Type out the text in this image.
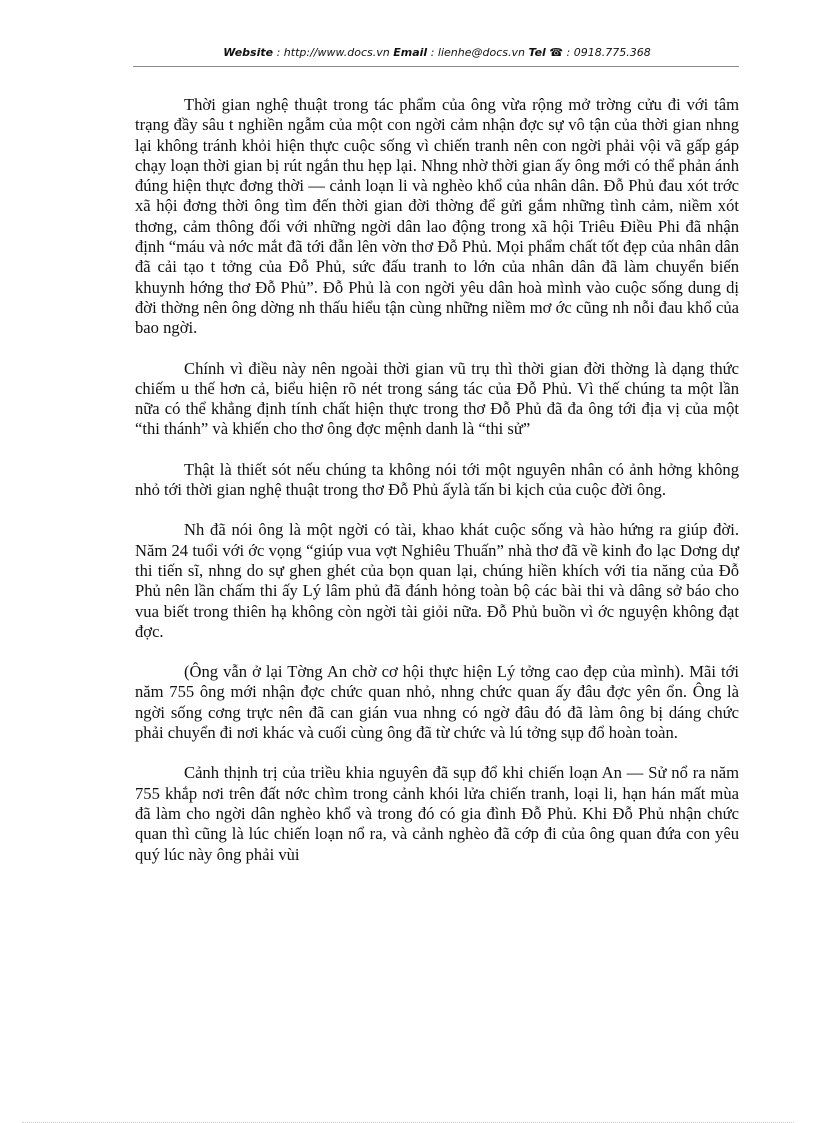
Website : http://www.docs.vn Email : lienhe@docs.vn Tel ☎ : 0918.775.368

Thời gian nghệ thuật trong tác phẩm của ông vừa rộng mở trờng cửu đi với tâm trạng đầy sâu t nghiền ngẫm của một con ngời cảm nhận đợc sự vô tận của thời gian nhng lại không tránh khỏi hiện thực cuộc sống vì chiến tranh nên con ngời phải vội vã gấp gáp chạy loạn thời gian bị rút ngắn thu hẹp lại. Nhng nhờ thời gian ấy ông mới có thể phản ánh đúng hiện thực đơng thời — cảnh loạn li và nghèo khổ của nhân dân. Đỗ Phủ đau xót trớc xã hội đơng thời ông tìm đến thời gian đời thờng để gửi gắm những tình cảm, niềm xót thơng, cảm thông đối với những ngời dân lao động trong xã hội Triêu Điều Phi đã nhận định “máu và nớc mắt đã tới đẫn lên vờn thơ Đỗ Phủ. Mọi phẩm chất tốt đẹp của nhân dân đã cải tạo t tởng của Đỗ Phủ, sức đấu tranh to lớn của nhân dân đã làm chuyển biến khuynh hớng thơ Đỗ Phủ”. Đỗ Phủ là con ngời yêu dân hoà mình vào cuộc sống dung dị đời thờng nên ông dờng nh thấu hiểu tận cùng những niềm mơ ớc cũng nh nỗi đau khổ của bao ngời.

Chính vì điều này nên ngoài thời gian vũ trụ thì thời gian đời thờng là dạng thức chiếm u thế hơn cả, biểu hiện rõ nét trong sáng tác của Đỗ Phủ. Vì thế chúng ta một lần nữa có thể khẳng định tính chất hiện thực trong thơ Đỗ Phủ đã đa ông tới địa vị của một “thi thánh” và khiến cho thơ ông đợc mệnh danh là “thi sử”

Thật là thiết sót nếu chúng ta không nói tới một nguyên nhân có ảnh hởng không nhỏ tới thời gian nghệ thuật trong thơ Đỗ Phủ ấylà tấn bi kịch của cuộc đời ông.

Nh đã nói ông là một ngời có tài, khao khát cuộc sống và hào hứng ra giúp đời. Năm 24 tuổi với ớc vọng “giúp vua vợt Nghiêu Thuấn” nhà thơ đã về kinh đo lạc Dơng dự thi tiến sĩ, nhng do sự ghen ghét của bọn quan lại, chúng hiền khích với tia năng của Đỗ Phủ nên lần chấm thi ấy Lý lâm phủ đã đánh hỏng toàn bộ các bài thi và dâng sở báo cho vua biết trong thiên hạ không còn ngời tài giỏi nữa. Đỗ Phủ buồn vì ớc nguyện không đạt đợc.

(Ông vẫn ở lại Tờng An chờ cơ hội thực hiện Lý tởng cao đẹp của mình). Mãi tới năm 755 ông mới nhận đợc chức quan nhỏ, nhng chức quan ấy đâu đợc yên ổn. Ông là ngời sống cơng trực nên đã can gián vua nhng có ngờ đâu đó đã làm ông bị dáng chức phải chuyển đi nơi khác và cuối cùng ông đã từ chức và lú tởng sụp đổ hoàn toàn.

Cảnh thịnh trị của triều khia nguyên đã sụp đổ khi chiến loạn An — Sử nổ ra năm 755 khắp nơi trên đất nớc chìm trong cảnh khói lửa chiến tranh, loại li, hạn hán mất mùa đã làm cho ngời dân nghèo khổ và trong đó có gia đình Đỗ Phủ. Khi Đỗ Phủ nhận chức quan thì cũng là lúc chiến loạn nổ ra, và cảnh nghèo đã cớp đi của ông quan đứa con yêu quý lúc này ông phải vùi
